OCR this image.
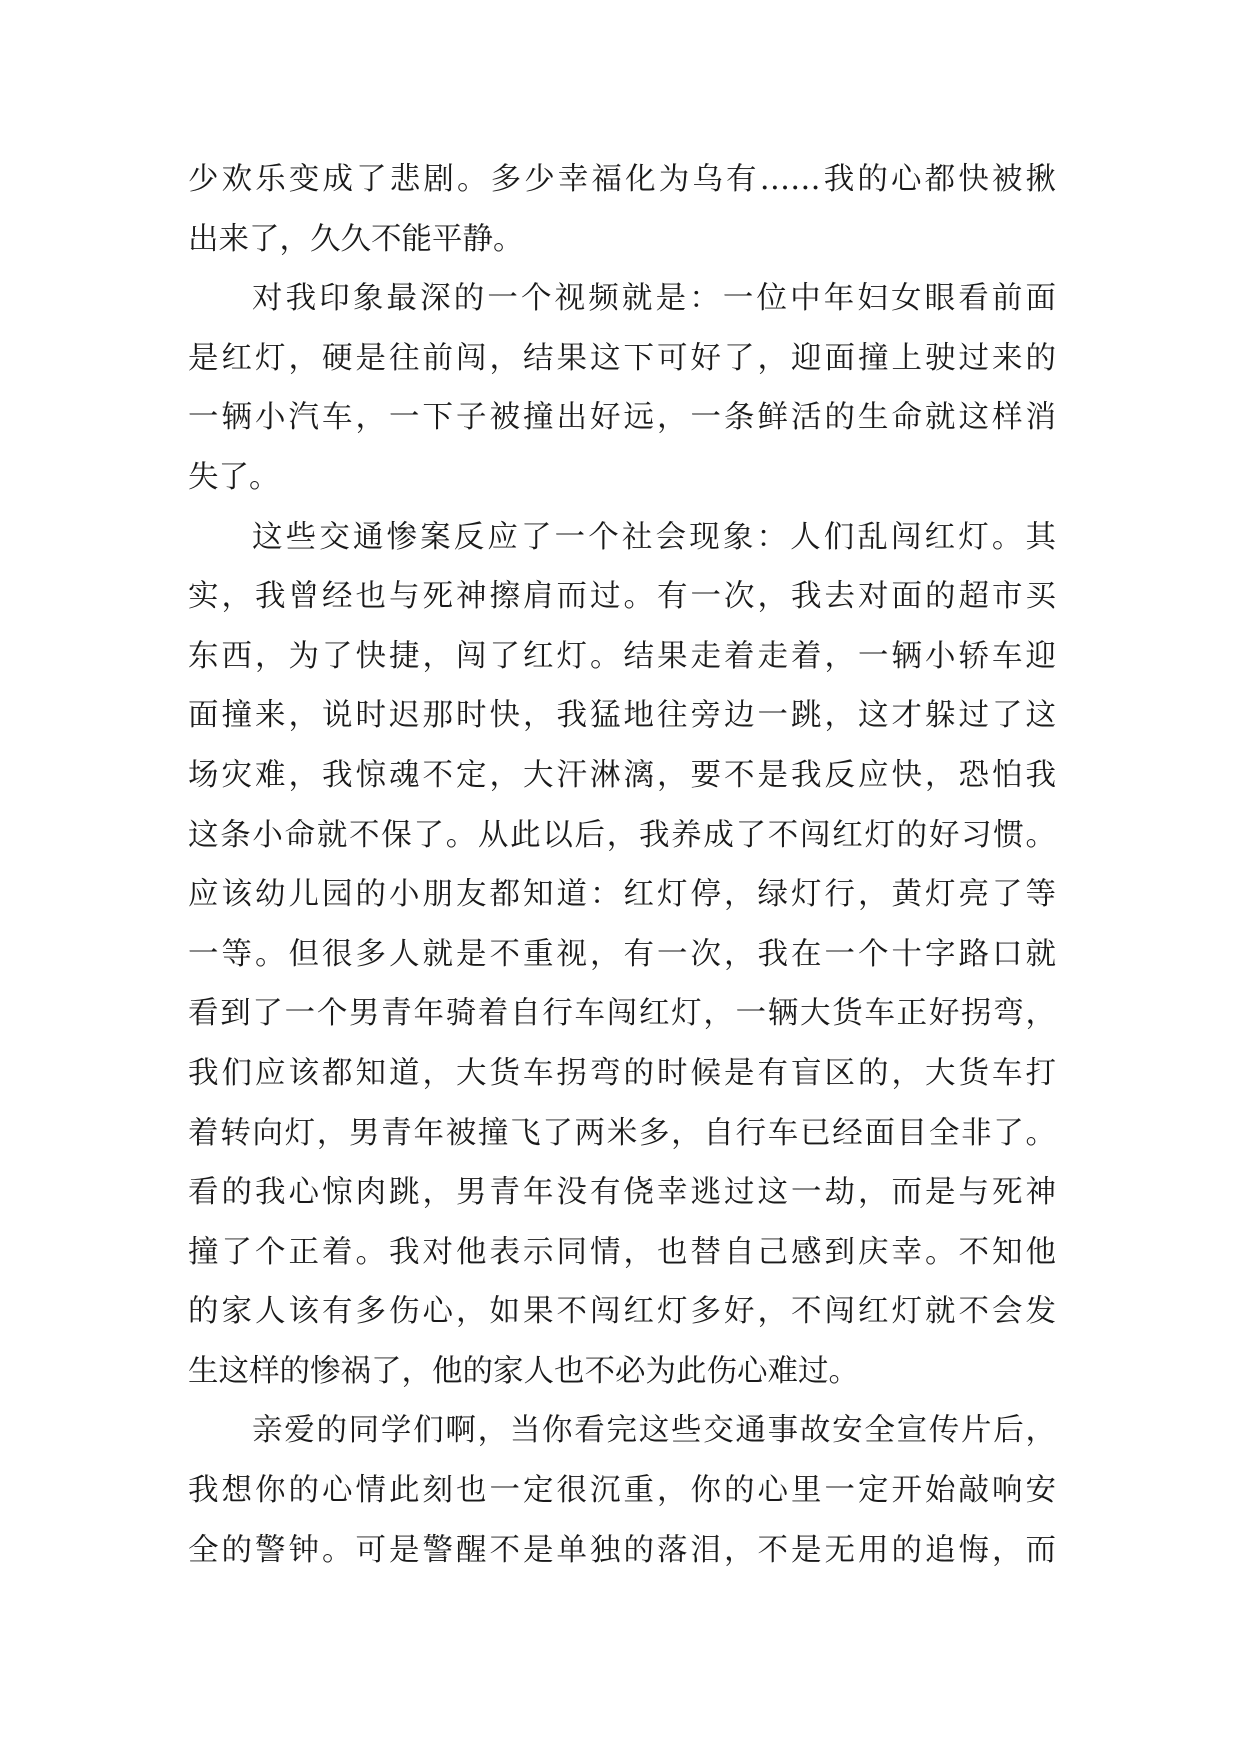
少欢乐变成了悲剧。多少幸福化为乌有……我的心都快被揪
出来了，久久不能平静。
对我印象最深的一个视频就是：一位中年妇女眼看前面
是红灯，硬是往前闯，结果这下可好了，迎面撞上驶过来的
一辆小汽车，一下子被撞出好远，一条鲜活的生命就这样消
失了。
这些交通惨案反应了一个社会现象：人们乱闯红灯。其
实，我曾经也与死神擦肩而过。有一次，我去对面的超市买
东西，为了快捷，闯了红灯。结果走着走着，一辆小轿车迎
面撞来，说时迟那时快，我猛地往旁边一跳，这才躲过了这
场灾难，我惊魂不定，大汗淋漓，要不是我反应快，恐怕我
这条小命就不保了。从此以后，我养成了不闯红灯的好习惯。
应该幼儿园的小朋友都知道：红灯停，绿灯行，黄灯亮了等
一等。但很多人就是不重视，有一次，我在一个十字路口就
看到了一个男青年骑着自行车闯红灯，一辆大货车正好拐弯，
我们应该都知道，大货车拐弯的时候是有盲区的，大货车打
着转向灯，男青年被撞飞了两米多，自行车已经面目全非了。
看的我心惊肉跳，男青年没有侥幸逃过这一劫，而是与死神
撞了个正着。我对他表示同情，也替自己感到庆幸。不知他
的家人该有多伤心，如果不闯红灯多好，不闯红灯就不会发
生这样的惨祸了，他的家人也不必为此伤心难过。
亲爱的同学们啊，当你看完这些交通事故安全宣传片后，
我想你的心情此刻也一定很沉重，你的心里一定开始敲响安
全的警钟。可是警醒不是单独的落泪，不是无用的追悔，而
